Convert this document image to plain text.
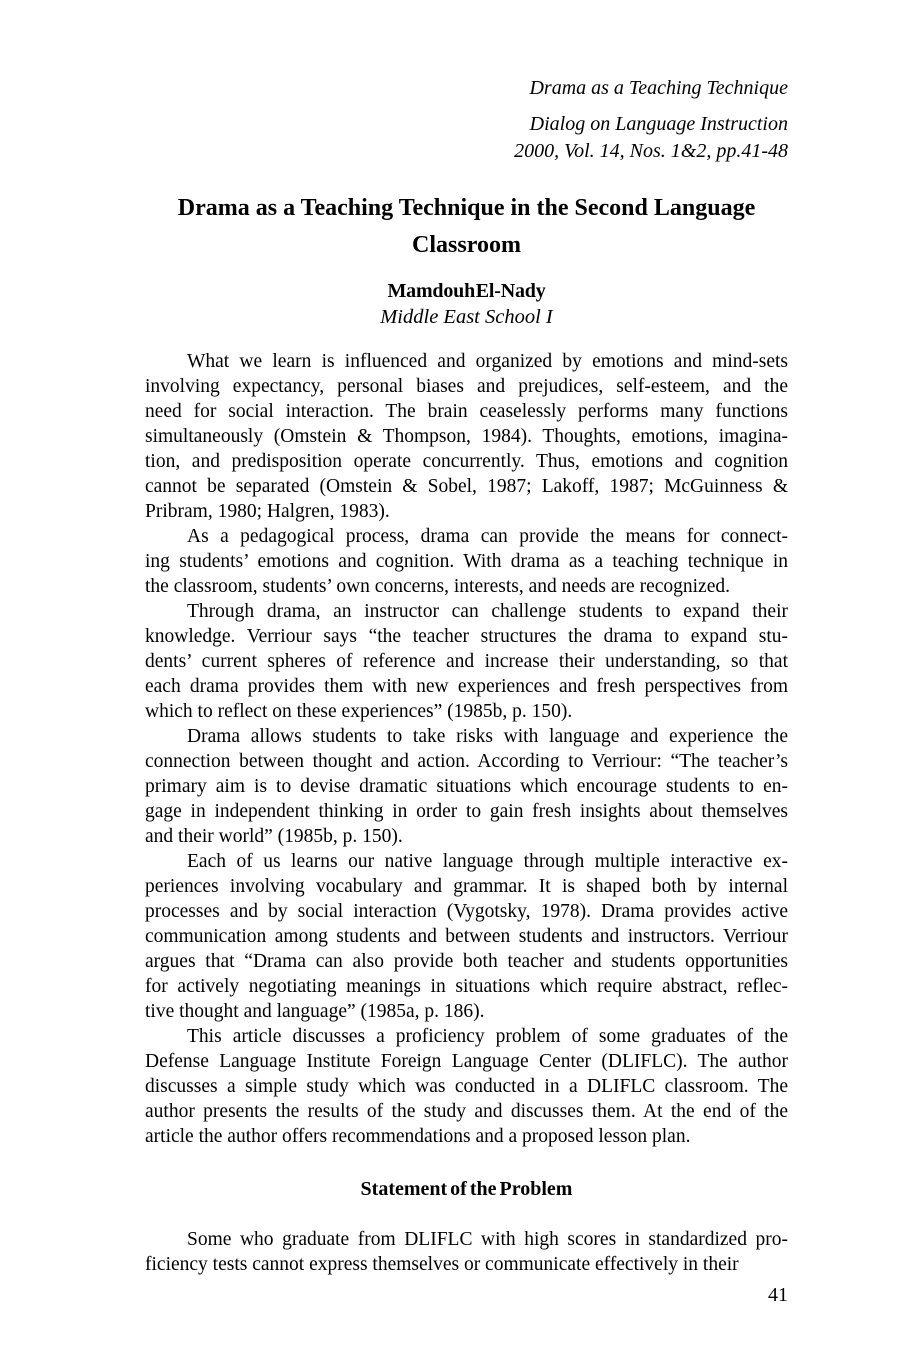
Drama as a Teaching Technique
Dialog on Language Instruction
2000, Vol. 14, Nos. 1&2, pp.41-48
Drama as a Teaching Technique in the Second Language Classroom
Mamdouh El-Nady
Middle East School I
What we learn is influenced and organized by emotions and mind-sets
involving expectancy, personal biases and prejudices, self-esteem, and the
need for social interaction. The brain ceaselessly performs many functions
simultaneously (Omstein & Thompson, 1984). Thoughts, emotions, imagina-
tion, and predisposition operate concurrently. Thus, emotions and cognition
cannot be separated (Omstein & Sobel, 1987; Lakoff, 1987; McGuinness &
Pribram, 1980; Halgren, 1983).
As a pedagogical process, drama can provide the means for connect-
ing students’ emotions and cognition. With drama as a teaching technique in
the classroom, students’ own concerns, interests, and needs are recognized.
Through drama, an instructor can challenge students to expand their
knowledge. Verriour says “the teacher structures the drama to expand stu-
dents’ current spheres of reference and increase their understanding, so that
each drama provides them with new experiences and fresh perspectives from
which to reflect on these experiences” (1985b, p. 150).
Drama allows students to take risks with language and experience the
connection between thought and action. According to Verriour: “The teacher’s
primary aim is to devise dramatic situations which encourage students to en-
gage in independent thinking in order to gain fresh insights about themselves
and their world” (1985b, p. 150).
Each of us learns our native language through multiple interactive ex-
periences involving vocabulary and grammar. It is shaped both by internal
processes and by social interaction (Vygotsky, 1978). Drama provides active
communication among students and between students and instructors. Verriour
argues that “Drama can also provide both teacher and students opportunities
for actively negotiating meanings in situations which require abstract, reflec-
tive thought and language” (1985a, p. 186).
This article discusses a proficiency problem of some graduates of the
Defense Language Institute Foreign Language Center (DLIFLC). The author
discusses a simple study which was conducted in a DLIFLC classroom. The
author presents the results of the study and discusses them. At the end of the
article the author offers recommendations and a proposed lesson plan.
Statement of the Problem
Some who graduate from DLIFLC with high scores in standardized pro-
ficiency tests cannot express themselves or communicate effectively in their
41
